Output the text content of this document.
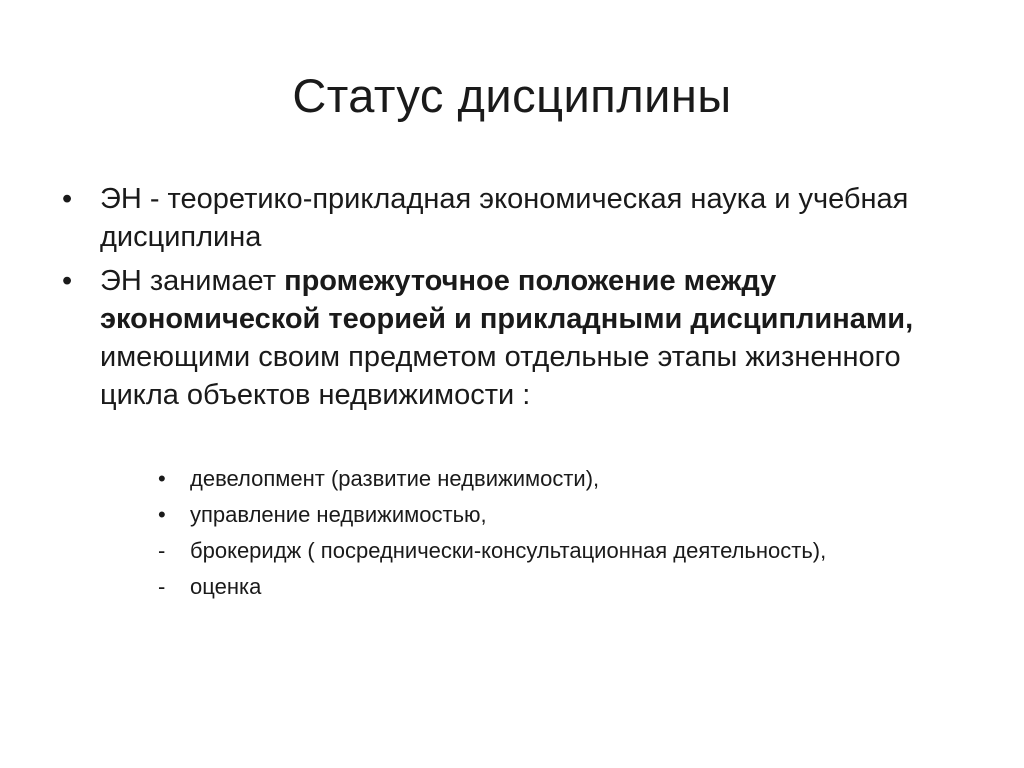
Статус дисциплины
• ЭН - теоретико-прикладная экономическая наука и учебная дисциплина
• ЭН занимает промежуточное положение между экономической теорией и прикладными дисциплинами, имеющими своим предметом отдельные этапы жизненного цикла объектов недвижимости :
•	девелопмент (развитие недвижимости),
•	управление недвижимостью,
-	брокеридж ( посреднически-консультационная деятельность),
-	оценка
